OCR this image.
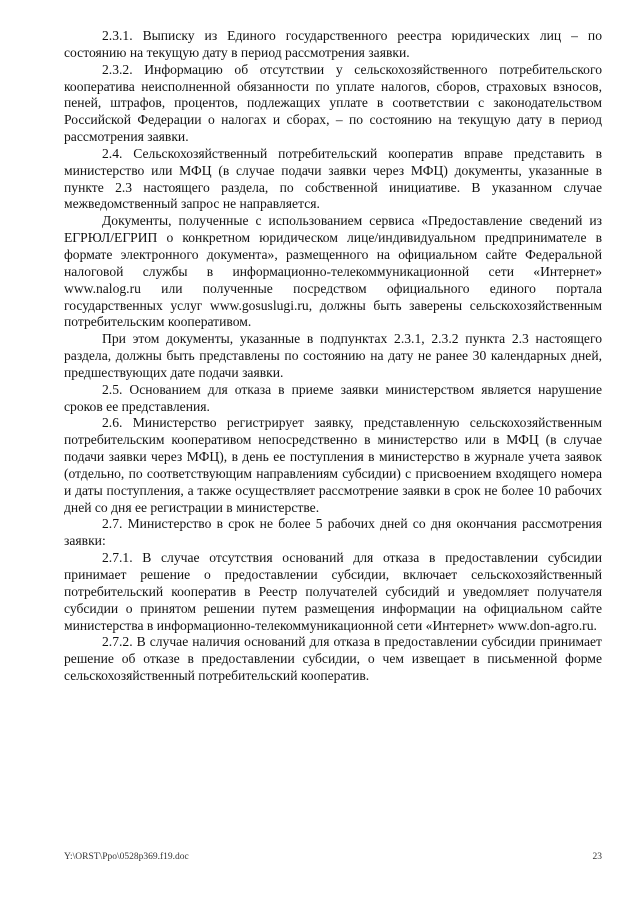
2.3.1. Выписку из Единого государственного реестра юридических лиц – по состоянию на текущую дату в период рассмотрения заявки.

2.3.2. Информацию об отсутствии у сельскохозяйственного потребительского кооператива неисполненной обязанности по уплате налогов, сборов, страховых взносов, пеней, штрафов, процентов, подлежащих уплате в соответствии с законодательством Российской Федерации о налогах и сборах, – по состоянию на текущую дату в период рассмотрения заявки.

2.4. Сельскохозяйственный потребительский кооператив вправе представить в министерство или МФЦ (в случае подачи заявки через МФЦ) документы, указанные в пункте 2.3 настоящего раздела, по собственной инициативе. В указанном случае межведомственный запрос не направляется.

Документы, полученные с использованием сервиса «Предоставление сведений из ЕГРЮЛ/ЕГРИП о конкретном юридическом лице/индивидуальном предпринимателе в формате электронного документа», размещенного на официальном сайте Федеральной налоговой службы в информационно-телекоммуникационной сети «Интернет» www.nalog.ru или полученные посредством официального единого портала государственных услуг www.gosuslugi.ru, должны быть заверены сельскохозяйственным потребительским кооперативом.

При этом документы, указанные в подпунктах 2.3.1, 2.3.2 пункта 2.3 настоящего раздела, должны быть представлены по состоянию на дату не ранее 30 календарных дней, предшествующих дате подачи заявки.

2.5. Основанием для отказа в приеме заявки министерством является нарушение сроков ее представления.

2.6. Министерство регистрирует заявку, представленную сельскохозяйственным потребительским кооперативом непосредственно в министерство или в МФЦ (в случае подачи заявки через МФЦ), в день ее поступления в министерство в журнале учета заявок (отдельно, по соответствующим направлениям субсидии) с присвоением входящего номера и даты поступления, а также осуществляет рассмотрение заявки в срок не более 10 рабочих дней со дня ее регистрации в министерстве.

2.7. Министерство в срок не более 5 рабочих дней со дня окончания рассмотрения заявки:

2.7.1. В случае отсутствия оснований для отказа в предоставлении субсидии принимает решение о предоставлении субсидии, включает сельскохозяйственный потребительский кооператив в Реестр получателей субсидий и уведомляет получателя субсидии о принятом решении путем размещения информации на официальном сайте министерства в информационно-телекоммуникационной сети «Интернет» www.don-agro.ru.

2.7.2. В случае наличия оснований для отказа в предоставлении субсидии принимает решение об отказе в предоставлении субсидии, о чем извещает в письменной форме сельскохозяйственный потребительский кооператив.

Y:\ORST\Ppo\0528p369.f19.doc	23
